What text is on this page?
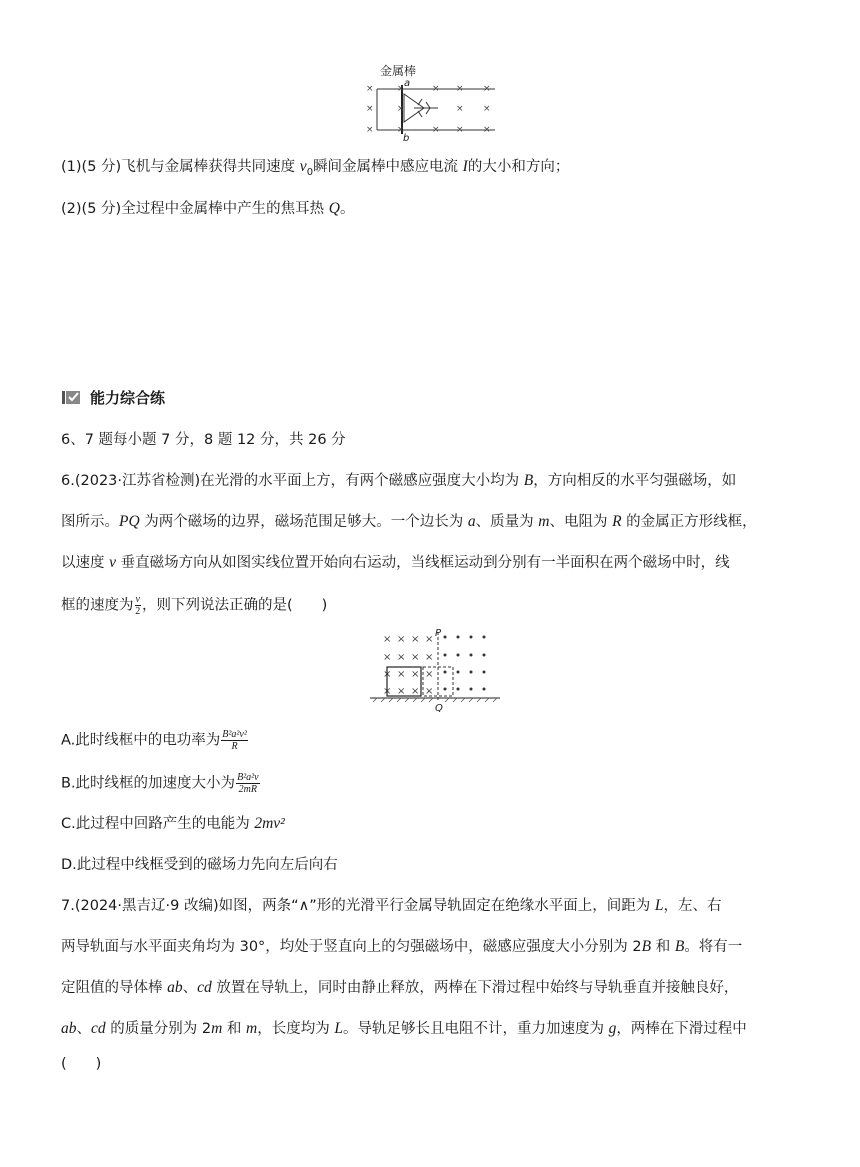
金属棒
a
b
×	×	× × ×
×	×	× ×
×	×	× × ×
(1)(5 分)飞机与金属棒获得共同速度 $v_0$瞬间金属棒中感应电流 I的大小和方向；
(2)(5 分)全过程中金属棒中产生的焦耳热 Q。
能力综合练
6、7 题每小题 7 分，8 题 12 分，共 26 分
6.(2023·江苏省检测)在光滑的水平面上方，有两个磁感应强度大小均为 B，方向相反的水平匀强磁场，如
图所示。PQ 为两个磁场的边界，磁场范围足够大。一个边长为 a、质量为 m、电阻为 R 的金属正方形线框，
以速度 v 垂直磁场方向从如图实线位置开始向右运动，当线框运动到分别有一半面积在两个磁场中时，线
框的速度为 $\frac{v}{2}$ ，则下列说法正确的是(　　)
× × × ×
× × × ×
× × × ×
× × × ×
P
Q
A.此时线框中的电功率为 $\frac{\text{B²a²v²}}{R}$
B.此时线框的加速度大小为 $\frac{\text{B²a²v}}{2mR}$
C.此过程中回路产生的电能为 2mv²
D.此过程中线框受到的磁场力先向左后向右
7.(2024·黑吉辽·9 改编)如图，两条“∧”形的光滑平行金属导轨固定在绝缘水平面上，间距为 L，左、右
两导轨面与水平面夹角均为 30°，均处于竖直向上的匀强磁场中，磁感应强度大小分别为 2B 和 B。将有一
定阻值的导体棒 ab、cd 放置在导轨上，同时由静止释放，两棒在下滑过程中始终与导轨垂直并接触良好，
ab、cd 的质量分别为 2m 和 m，长度均为 L。导轨足够长且电阻不计，重力加速度为 g，两棒在下滑过程中
(　　)
